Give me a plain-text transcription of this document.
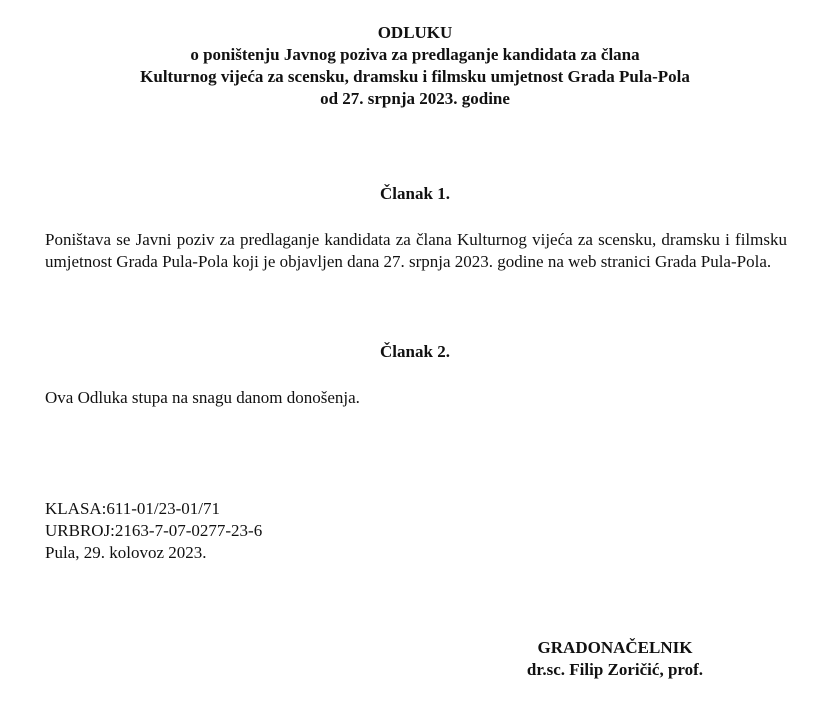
ODLUKU
o poništenju Javnog poziva za predlaganje kandidata za člana
Kulturnog vijeća za scensku, dramsku i filmsku umjetnost Grada Pula-Pola
od 27. srpnja 2023. godine
Članak 1.
Poništava se Javni poziv za predlaganje kandidata za člana Kulturnog vijeća za scensku, dramsku i filmsku umjetnost Grada Pula-Pola koji je objavljen dana 27. srpnja 2023. godine na web stranici Grada Pula-Pola.
Članak 2.
Ova Odluka stupa na snagu danom donošenja.
KLASA:611-01/23-01/71
URBROJ:2163-7-07-0277-23-6
Pula, 29. kolovoz 2023.
GRADONAČELNIK
dr.sc. Filip Zoričić, prof.
